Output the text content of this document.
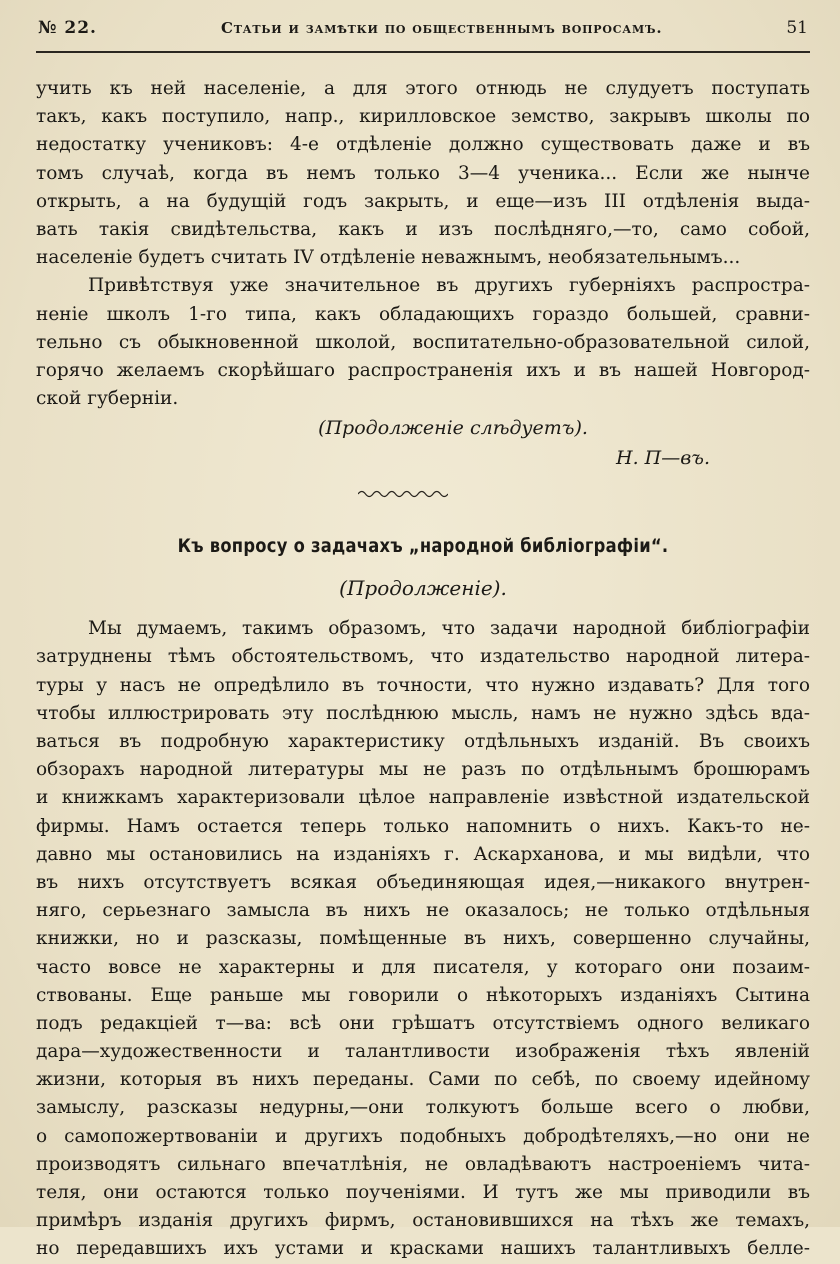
№ 22.	Статьи и замѣтки по общественнымъ вопросамъ.	51
учить къ ней населеніе, а для этого отнюдь не слудуетъ поступать
такъ, какъ поступило, напр., кирилловское земство, закрывъ школы по
недостатку учениковъ: 4-е отдѣленіе должно существовать даже и въ
томъ случаѣ, когда въ немъ только 3—4 ученика... Если же нынче
открыть, а на будущій годъ закрыть, и еще—изъ III отдѣленія выда-
вать такія свидѣтельства, какъ и изъ послѣдняго,—то, само собой,
населеніе будетъ считать IV отдѣленіе неважнымъ, необязательнымъ...
Привѣтствуя уже значительное въ другихъ губерніяхъ распростра-
неніе школъ 1-го типа, какъ обладающихъ гораздо большей, сравни-
тельно съ обыкновенной школой, воспитательно-образовательной силой,
горячо желаемъ скорѣйшаго распространенія ихъ и въ нашей Новгород-
ской губерніи.
(Продолженіе слѣдуетъ).
Н. П—въ.
Къ вопросу о задачахъ „народной библіографіи“.
(Продолженіе).
Мы думаемъ, такимъ образомъ, что задачи народной библіографіи
затруднены тѣмъ обстоятельствомъ, что издательство народной литера-
туры у насъ не опредѣлило въ точности, что нужно издавать? Для того
чтобы иллюстрировать эту послѣднюю мысль, намъ не нужно здѣсь вда-
ваться въ подробную характеристику отдѣльныхъ изданій. Въ своихъ
обзорахъ народной литературы мы не разъ по отдѣльнымъ брошюрамъ
и книжкамъ характеризовали цѣлое направленіе извѣстной издательской
фирмы. Намъ остается теперь только напомнить о нихъ. Какъ-то не-
давно мы остановились на изданіяхъ г. Аскарханова, и мы видѣли, что
въ нихъ отсутствуетъ всякая объединяющая идея,—никакого внутрен-
няго, серьезнаго замысла въ нихъ не оказалось; не только отдѣльныя
книжки, но и разсказы, помѣщенные въ нихъ, совершенно случайны,
часто вовсе не характерны и для писателя, у котораго они позаим-
ствованы. Еще раньше мы говорили о нѣкоторыхъ изданіяхъ Сытина
подъ редакціей т—ва: всѣ они грѣшатъ отсутствіемъ одного великаго
дара—художественности и талантливости изображенія тѣхъ явленій
жизни, которыя въ нихъ переданы. Сами по себѣ, по своему идейному
замыслу, разсказы недурны,—они толкуютъ больше всего о любви,
о самопожертвованіи и другихъ подобныхъ добродѣтеляхъ,—но они не
производятъ сильнаго впечатлѣнія, не овладѣваютъ настроеніемъ чита-
теля, они остаются только поученіями. И тутъ же мы приводили въ
примѣръ изданія другихъ фирмъ, остановившихся на тѣхъ же темахъ,
но передавшихъ ихъ устами и красками нашихъ талантливыхъ белле-
